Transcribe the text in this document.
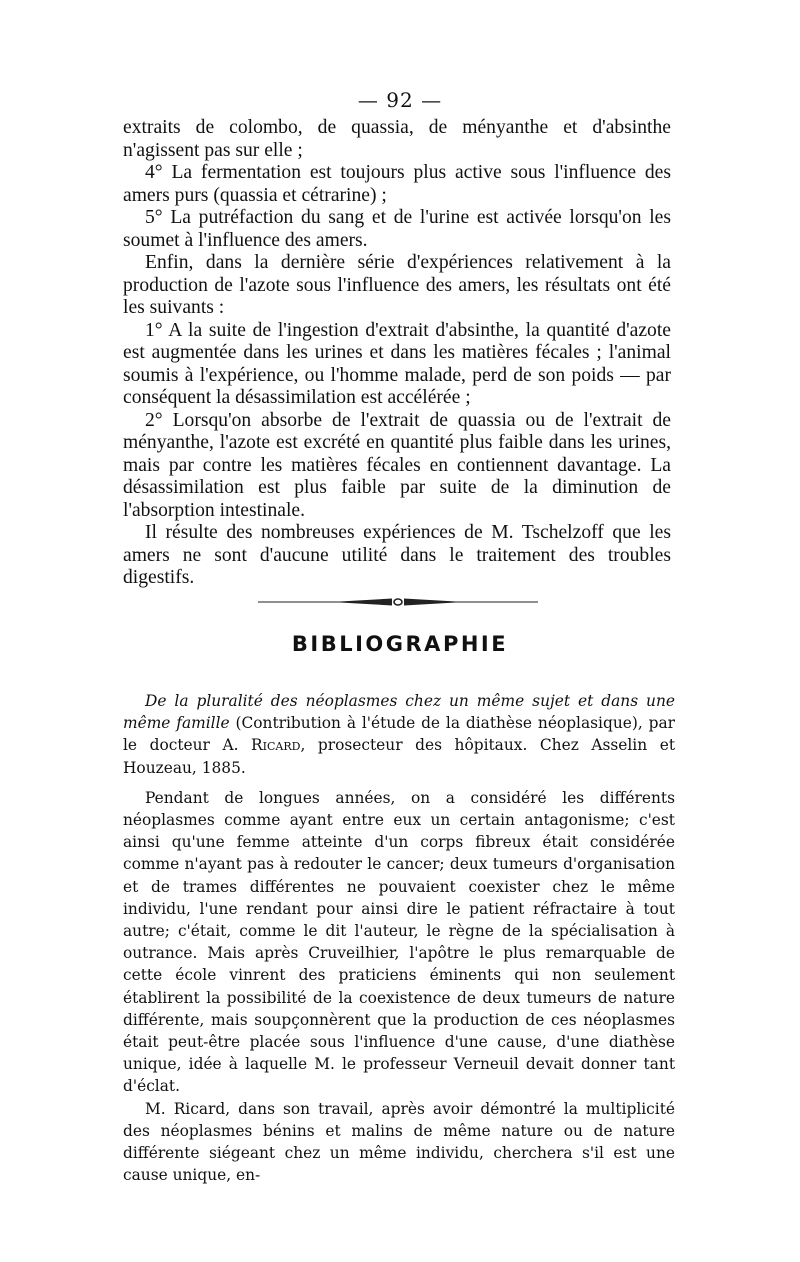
— 92 —

extraits de colombo, de quassia, de ményanthe et d'absinthe n'agissent pas sur elle ;

4° La fermentation est toujours plus active sous l'influence des amers purs (quassia et cétrarine) ;

5° La putréfaction du sang et de l'urine est activée lorsqu'on les soumet à l'influence des amers.

Enfin, dans la dernière série d'expériences relativement à la production de l'azote sous l'influence des amers, les résultats ont été les suivants :

1° A la suite de l'ingestion d'extrait d'absinthe, la quantité d'azote est augmentée dans les urines et dans les matières fécales ; l'animal soumis à l'expérience, ou l'homme malade, perd de son poids — par conséquent la désassimilation est accélérée ;

2° Lorsqu'on absorbe de l'extrait de quassia ou de l'extrait de ményanthe, l'azote est excrété en quantité plus faible dans les urines, mais par contre les matières fécales en contiennent davantage. La désassimilation est plus faible par suite de la diminution de l'absorption intestinale.

Il résulte des nombreuses expériences de M. Tschelzoff que les amers ne sont d'aucune utilité dans le traitement des troubles digestifs.

BIBLIOGRAPHIE

De la pluralité des néoplasmes chez un même sujet et dans une même famille (Contribution à l'étude de la diathèse néoplasique), par le docteur A. Ricard, prosecteur des hôpitaux. Chez Asselin et Houzeau, 1885.

Pendant de longues années, on a considéré les différents néoplasmes comme ayant entre eux un certain antagonisme; c'est ainsi qu'une femme atteinte d'un corps fibreux était considérée comme n'ayant pas à redouter le cancer; deux tumeurs d'organisation et de trames différentes ne pouvaient coexister chez le même individu, l'une rendant pour ainsi dire le patient réfractaire à tout autre; c'était, comme le dit l'auteur, le règne de la spécialisation à outrance. Mais après Cruveilhier, l'apôtre le plus remarquable de cette école vinrent des praticiens éminents qui non seulement établirent la possibilité de la coexistence de deux tumeurs de nature différente, mais soupçonnèrent que la production de ces néoplasmes était peut-être placée sous l'influence d'une cause, d'une diathèse unique, idée à laquelle M. le professeur Verneuil devait donner tant d'éclat.

M. Ricard, dans son travail, après avoir démontré la multiplicité des néoplasmes bénins et malins de même nature ou de nature différente siégeant chez un même individu, cherchera s'il est une cause unique, en-
